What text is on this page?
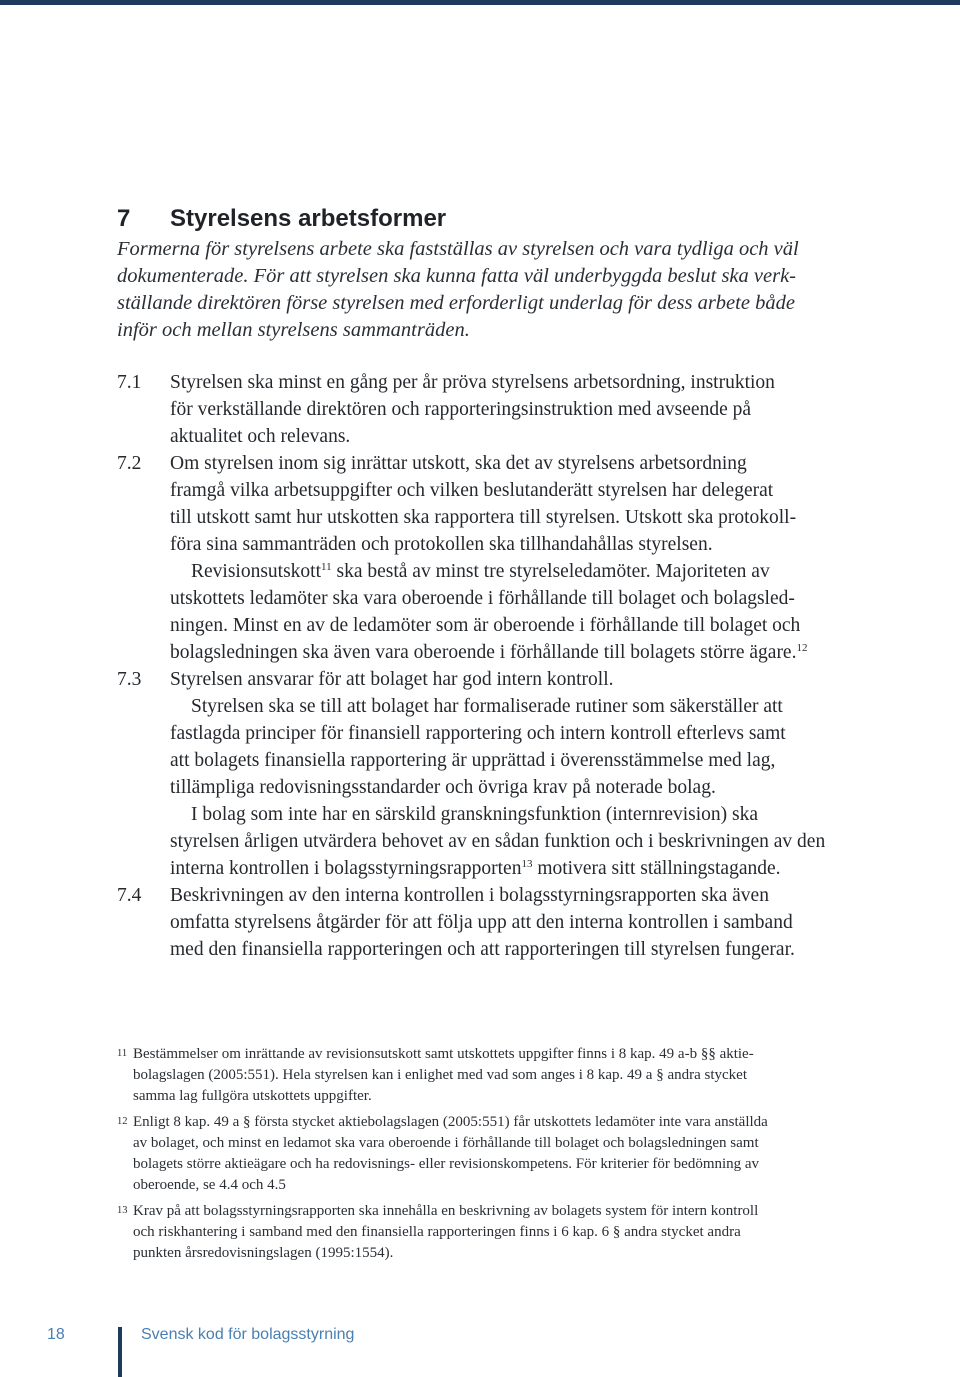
7 Styrelsens arbetsformer
Formerna för styrelsens arbete ska fastställas av styrelsen och vara tydliga och väl
dokumenterade. För att styrelsen ska kunna fatta väl underbyggda beslut ska verk-
ställande direktören förse styrelsen med erforderligt underlag för dess arbete både
inför och mellan styrelsens sammanträden.
7.1 Styrelsen ska minst en gång per år pröva styrelsens arbetsordning, instruktion
för verkställande direktören och rapporteringsinstruktion med avseende på
aktualitet och relevans.
7.2 Om styrelsen inom sig inrättar utskott, ska det av styrelsens arbetsordning
framgå vilka arbetsuppgifter och vilken beslutanderätt styrelsen har delegerat
till utskott samt hur utskotten ska rapportera till styrelsen. Utskott ska protokoll-
föra sina sammanträden och protokollen ska tillhandahållas styrelsen.
Revisionsutskott$^{11}$ ska bestå av minst tre styrelseledamöter. Majoriteten av
utskottets ledamöter ska vara oberoende i förhållande till bolaget och bolagsled-
ningen. Minst en av de ledamöter som är oberoende i förhållande till bolaget och
bolagsledningen ska även vara oberoende i förhållande till bolagets större ägare.$^{12}$
7.3 Styrelsen ansvarar för att bolaget har god intern kontroll.
Styrelsen ska se till att bolaget har formaliserade rutiner som säkerställer att
fastlagda principer för finansiell rapportering och intern kontroll efterlevs samt
att bolagets finansiella rapportering är upprättad i överensstämmelse med lag,
tillämpliga redovisningsstandarder och övriga krav på noterade bolag.
I bolag som inte har en särskild granskningsfunktion (internrevision) ska
styrelsen årligen utvärdera behovet av en sådan funktion och i beskrivningen av den
interna kontrollen i bolagsstyrningsrapporten$^{13}$ motivera sitt ställningstagande.
7.4 Beskrivningen av den interna kontrollen i bolagsstyrningsrapporten ska även
omfatta styrelsens åtgärder för att följa upp att den interna kontrollen i samband
med den finansiella rapporteringen och att rapporteringen till styrelsen fungerar.
11 Bestämmelser om inrättande av revisionsutskott samt utskottets uppgifter finns i 8 kap. 49 a-b §§ aktie-
bolagslagen (2005:551). Hela styrelsen kan i enlighet med vad som anges i 8 kap. 49 a § andra stycket
samma lag fullgöra utskottets uppgifter.
12 Enligt 8 kap. 49 a § första stycket aktiebolagslagen (2005:551) får utskottets ledamöter inte vara anställda
av bolaget, och minst en ledamot ska vara oberoende i förhållande till bolaget och bolagsledningen samt
bolagets större aktieägare och ha redovisnings- eller revisionskompetens. För kriterier för bedömning av
oberoende, se 4.4 och 4.5
13 Krav på att bolagsstyrningsrapporten ska innehålla en beskrivning av bolagets system för intern kontroll
och riskhantering i samband med den finansiella rapporteringen finns i 6 kap. 6 § andra stycket andra
punkten årsredovisningslagen (1995:1554).
18	Svensk kod för bolagsstyrning
